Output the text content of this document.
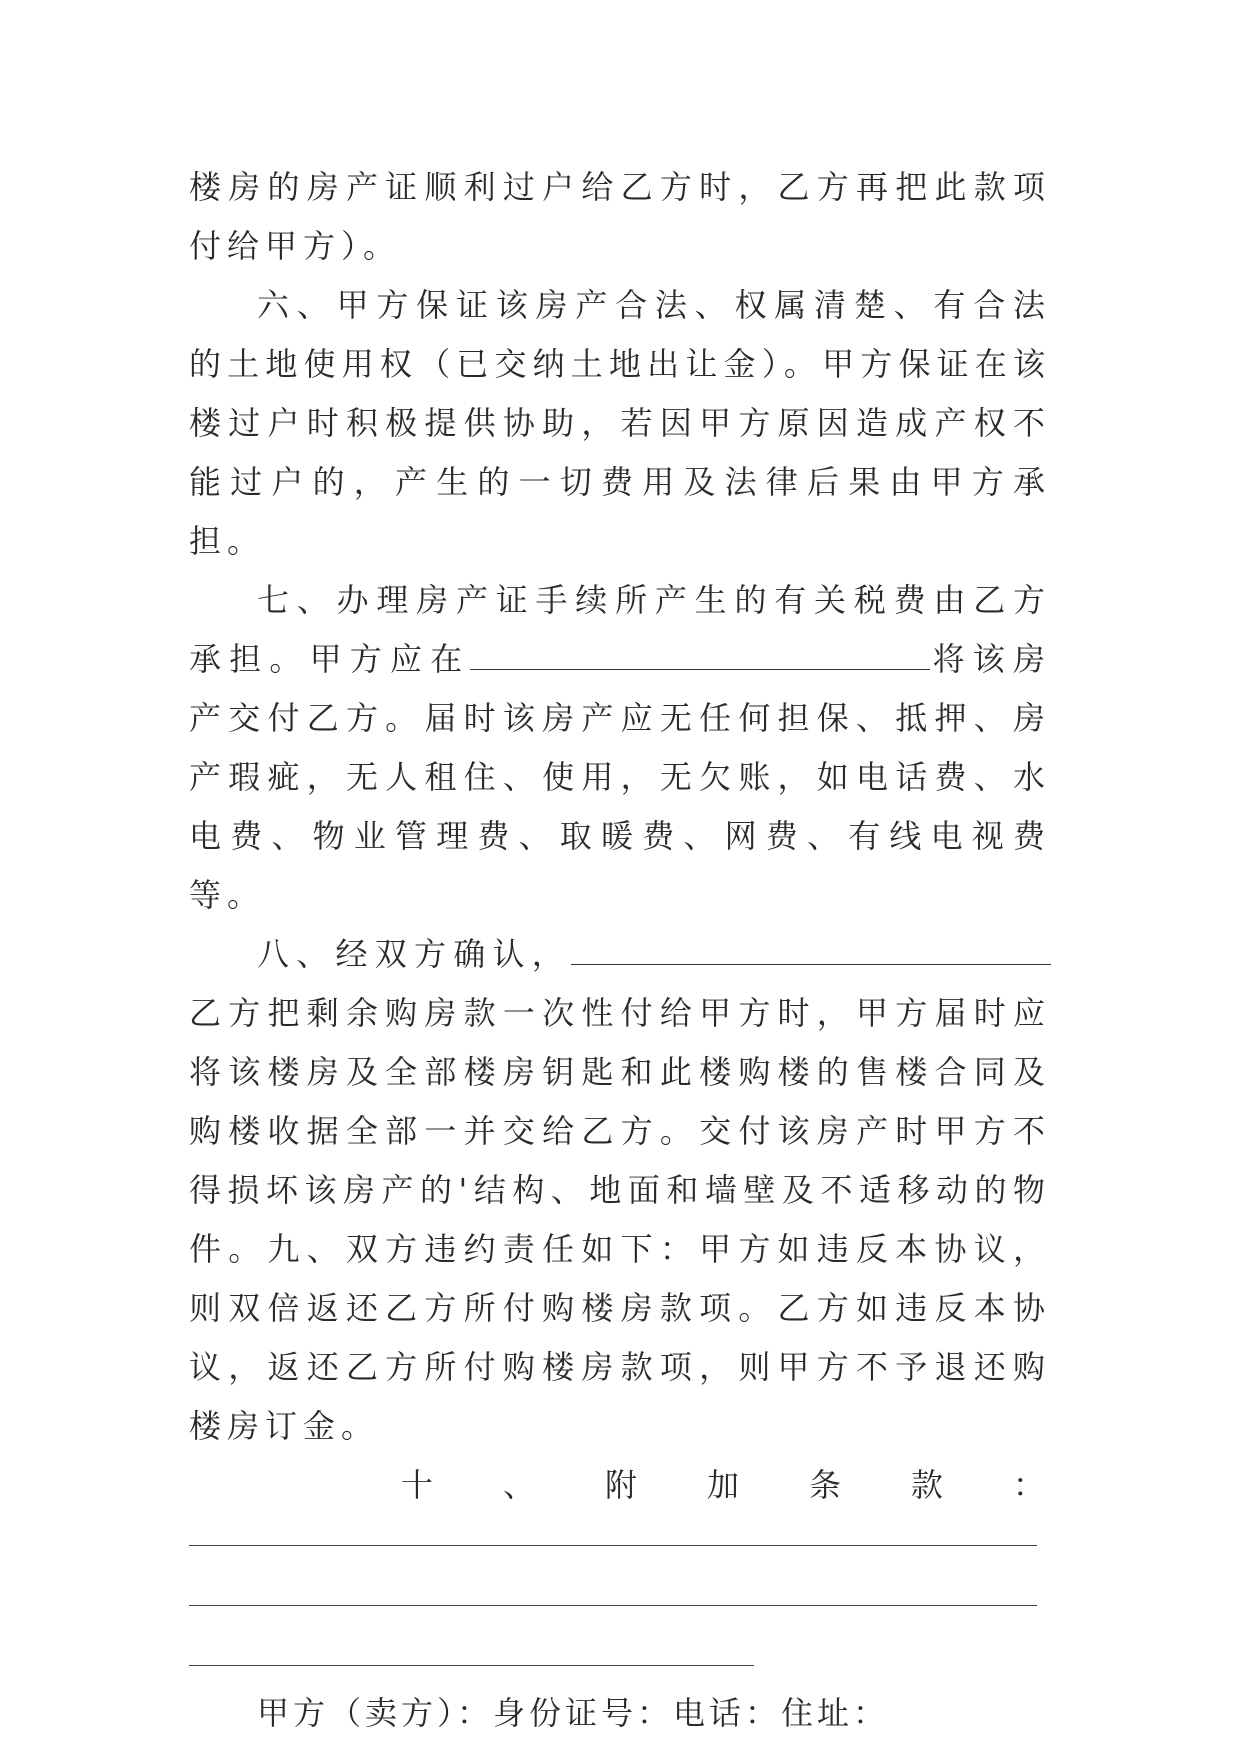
楼房的房产证顺利过户给乙方时，乙方再把此款项付给甲方）。

六、甲方保证该房产合法、权属清楚、有合法的土地使用权（已交纳土地出让金）。甲方保证在该楼过户时积极提供协助，若因甲方原因造成产权不能过户的，产生的一切费用及法律后果由甲方承担。

七、办理房产证手续所产生的有关税费由乙方承担。甲方应在	将该房产交付乙方。届时该房产应无任何担保、抵押、房产瑕疵，无人租住、使用，无欠账，如电话费、水电费、物业管理费、取暖费、网费、有线电视费等。

八、经双方确认，乙方把剩余购房款一次性付给甲方时，甲方届时应将该楼房及全部楼房钥匙和此楼购楼的售楼合同及购楼收据全部一并交给乙方。交付该房产时甲方不得损坏该房产的'结构、地面和墙壁及不适移动的物件。九、双方违约责任如下：甲方如违反本协议，则双倍返还乙方所付购楼房款项。乙方如违反本协议，返还乙方所付购楼房款项，则甲方不予退还购楼房订金。

十 、 附 加 条 款 ：

甲方（卖方）：身份证号：电话：住址：
